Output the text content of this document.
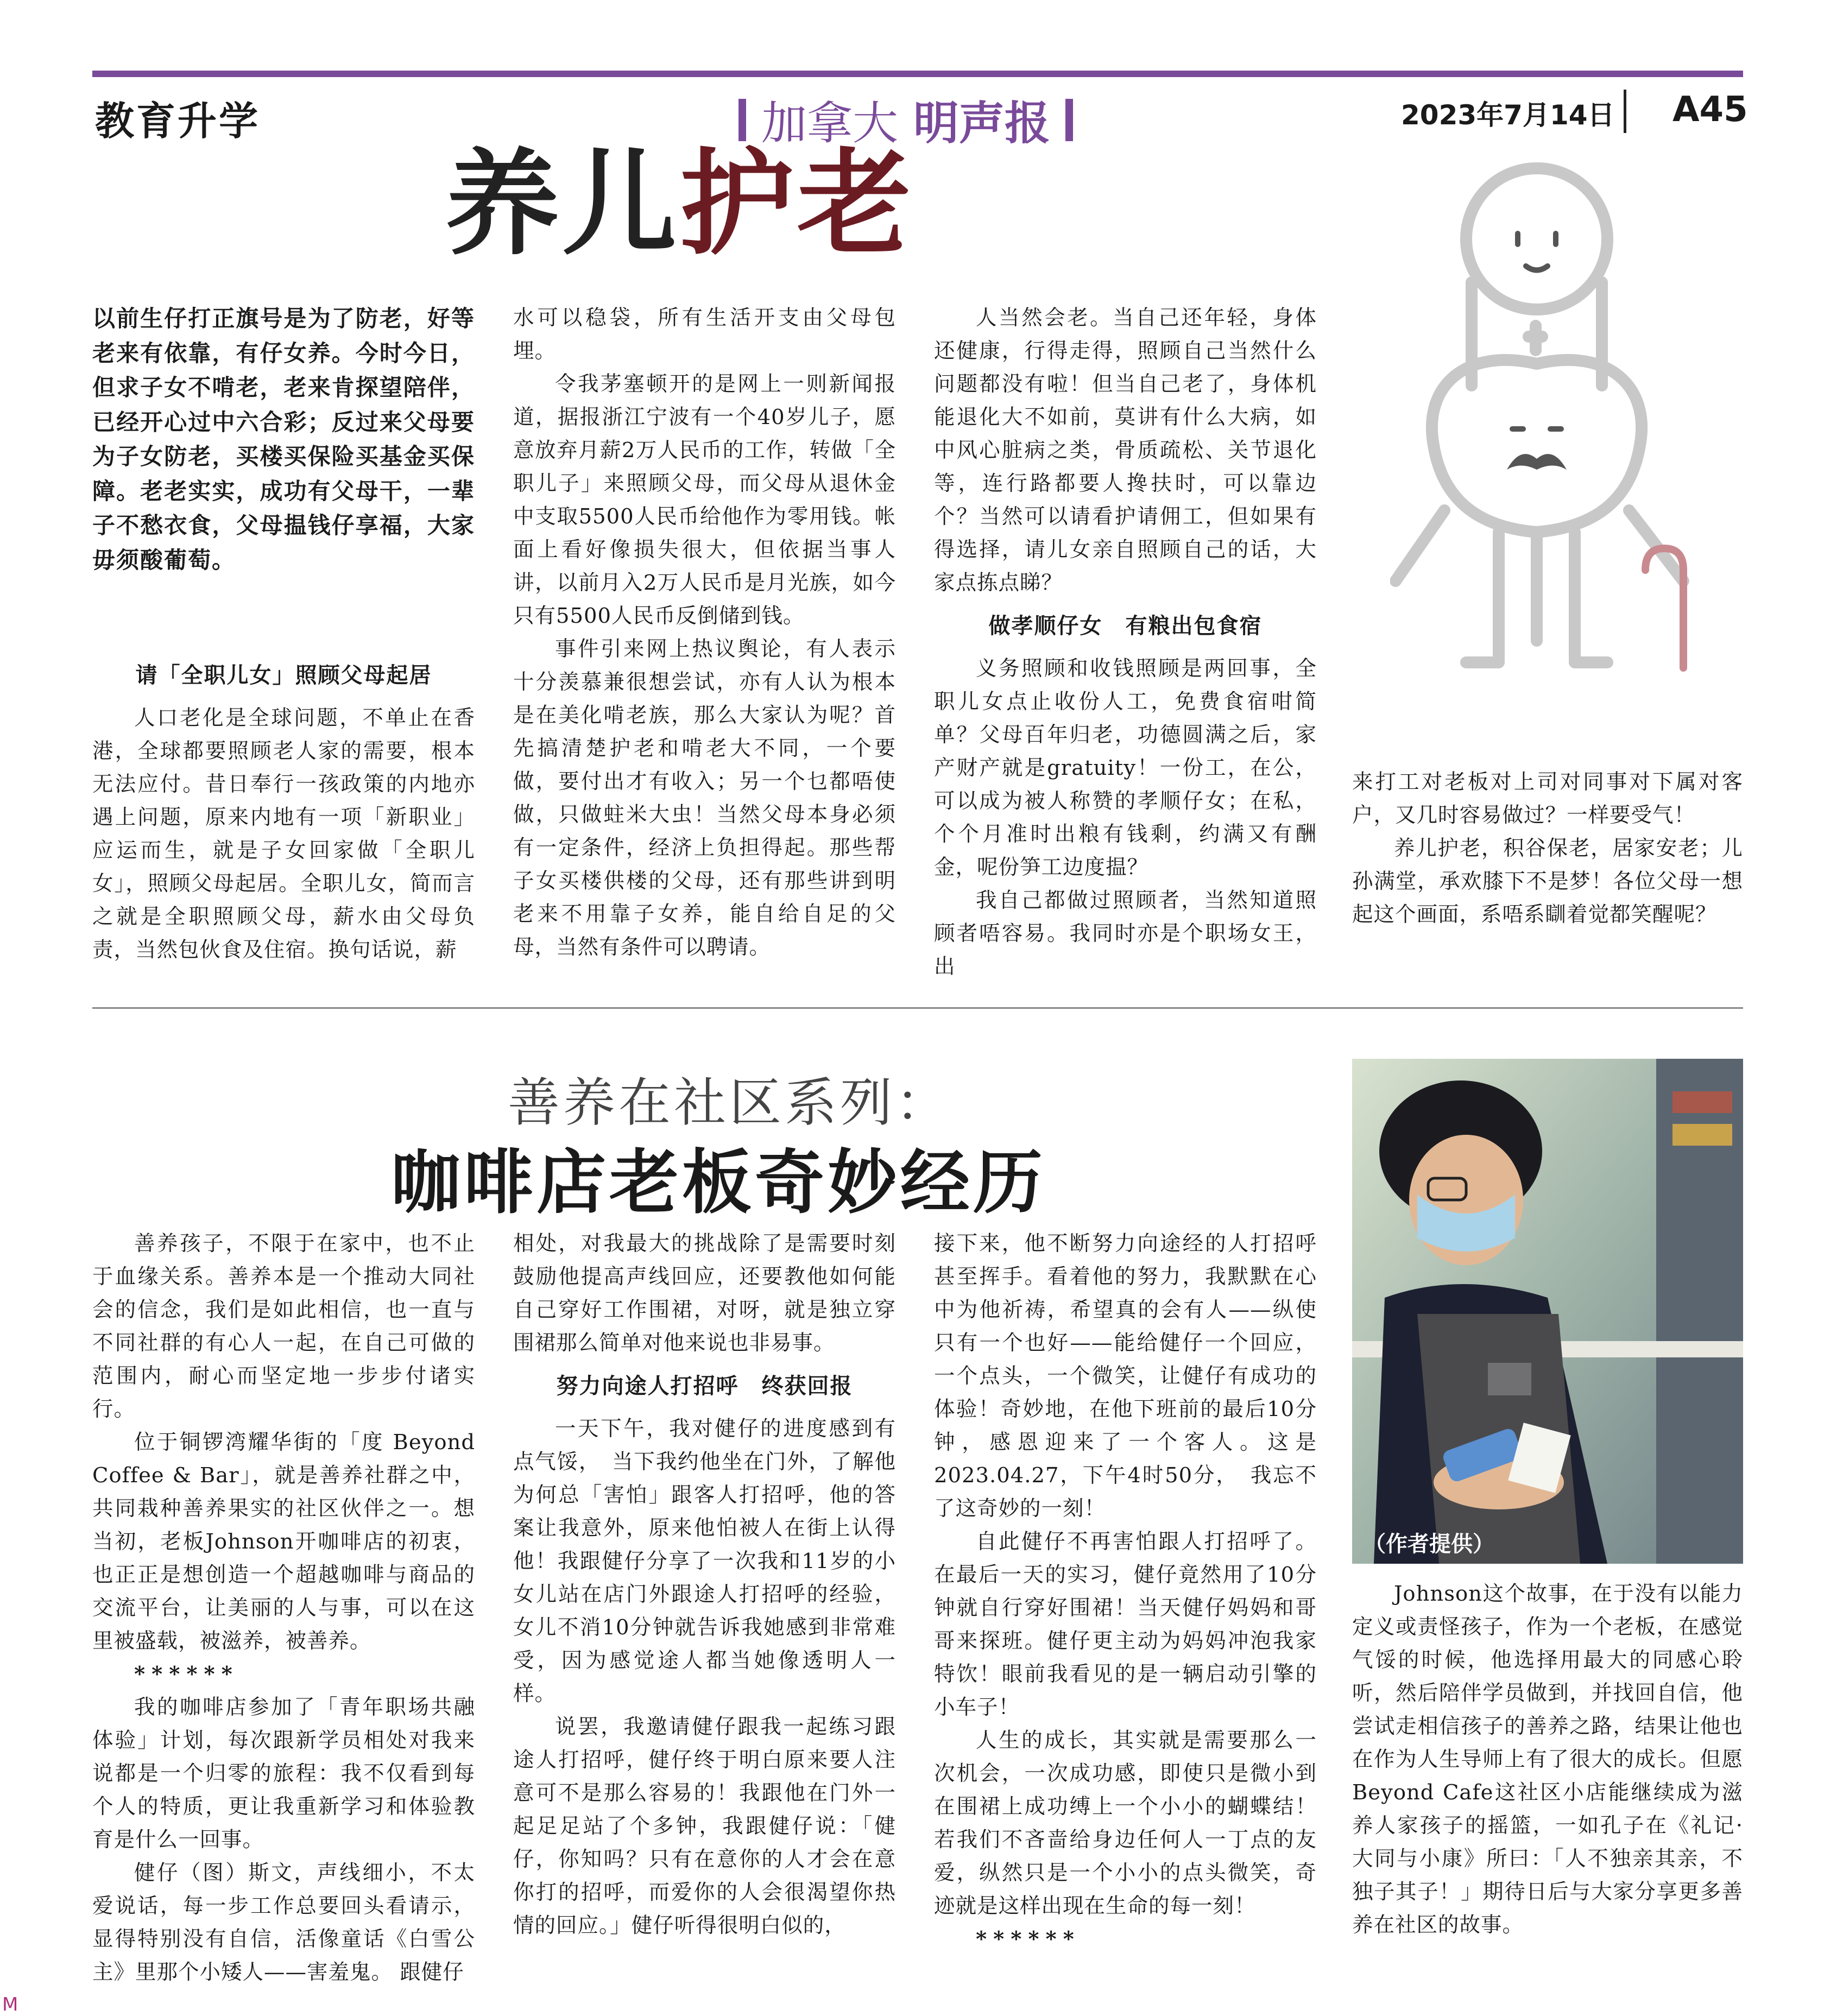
教育升学	加拿大 明声报	2023年7月14日 A45
养儿护老
以前生仔打正旗号是为了防老，好等老来有依靠，有仔女养。今时今日，但求子女不啃老，老来肯探望陪伴，已经开心过中六合彩；反过来父母要为子女防老，买楼买保险买基金买保障。老老实实，成功有父母干，一辈子不愁衣食，父母揾钱仔享福，大家毋须酸葡萄。
请「全职儿女」照顾父母起居

人口老化是全球问题，不单止在香港，全球都要照顾老人家的需要，根本无法应付。昔日奉行一孩政策的内地亦遇上问题，原来内地有一项「新职业」应运而生，就是子女回家做「全职儿女」，照顾父母起居。全职儿女，简而言之就是全职照顾父母，薪水由父母负责，当然包伙食及住宿。换句话说，薪

水可以稳袋，所有生活开支由父母包埋。

令我茅塞顿开的是网上一则新闻报道，据报浙江宁波有一个40岁儿子，愿意放弃月薪2万人民币的工作，转做「全职儿子」来照顾父母，而父母从退休金中支取5500人民币给他作为零用钱。帐面上看好像损失很大，但依据当事人讲，以前月入2万人民币是月光族，如今只有5500人民币反倒储到钱。

事件引来网上热议舆论，有人表示十分羡慕兼很想尝试，亦有人认为根本是在美化啃老族，那么大家认为呢？首先搞清楚护老和啃老大不同，一个要做，要付出才有收入；另一个乜都唔使做，只做蛀米大虫！当然父母本身必须有一定条件，经济上负担得起。那些帮子女买楼供楼的父母，还有那些讲到明老来不用靠子女养，能自给自足的父母，当然有条件可以聘请。

人当然会老。当自己还年轻，身体还健康，行得走得，照顾自己当然什么问题都没有啦！但当自己老了，身体机能退化大不如前，莫讲有什么大病，如中风心脏病之类，骨质疏松、关节退化等，连行路都要人搀扶时，可以靠边个？当然可以请看护请佣工，但如果有得选择，请儿女亲自照顾自己的话，大家点拣点睇？

做孝顺仔女　有粮出包食宿

义务照顾和收钱照顾是两回事，全职儿女点止收份人工，免费食宿咁简单？父母百年归老，功德圆满之后，家产财产就是gratuity！一份工，在公，可以成为被人称赞的孝顺仔女；在私，个个月准时出粮有钱剩，约满又有酬金，呢份笋工边度揾？

我自己都做过照顾者，当然知道照顾者唔容易。我同时亦是个职场女王，出

来打工对老板对上司对同事对下属对客户，又几时容易做过？一样要受气！

养儿护老，积谷保老，居家安老；儿孙满堂，承欢膝下不是梦！各位父母一想起这个画面，系唔系瞓着觉都笑醒呢？

善养在社区系列：
咖啡店老板奇妙经历

善养孩子，不限于在家中，也不止于血缘关系。善养本是一个推动大同社会的信念，我们是如此相信，也一直与不同社群的有心人一起，在自己可做的范围内，耐心而坚定地一步步付诸实行。

位于铜锣湾耀华街的「度 Beyond Coffee & Bar」，就是善养社群之中，共同栽种善养果实的社区伙伴之一。想当初，老板Johnson开咖啡店的初衷，也正正是想创造一个超越咖啡与商品的交流平台，让美丽的人与事，可以在这里被盛载，被滋养，被善养。

******

我的咖啡店参加了「青年职场共融体验」计划，每次跟新学员相处对我来说都是一个归零的旅程：我不仅看到每个人的特质，更让我重新学习和体验教育是什么一回事。

健仔（图）斯文，声线细小，不太爱说话，每一步工作总要回头看请示，显得特别没有自信，活像童话《白雪公主》里那个小矮人——害羞鬼。 跟健仔

相处，对我最大的挑战除了是需要时刻鼓励他提高声线回应，还要教他如何能自己穿好工作围裙，对呀，就是独立穿围裙那么简单对他来说也非易事。

努力向途人打招呼　终获回报

一天下午，我对健仔的进度感到有点气馁，　当下我约他坐在门外，了解他为何总「害怕」跟客人打招呼，他的答案让我意外，原来他怕被人在街上认得他！我跟健仔分享了一次我和11岁的小女儿站在店门外跟途人打招呼的经验，女儿不消10分钟就告诉我她感到非常难受，因为感觉途人都当她像透明人一样。

说罢，我邀请健仔跟我一起练习跟途人打招呼，健仔终于明白原来要人注意可不是那么容易的！我跟他在门外一起足足站了个多钟，我跟健仔说：「健仔，你知吗？只有在意你的人才会在意你打的招呼，而爱你的人会很渴望你热情的回应。」健仔听得很明白似的，

接下来，他不断努力向途经的人打招呼甚至挥手。看着他的努力，我默默在心中为他祈祷，希望真的会有人——纵使只有一个也好——能给健仔一个回应，一个点头，一个微笑，让健仔有成功的体验！奇妙地，在他下班前的最后10分钟，感恩迎来了一个客人。这是2023.04.27，下午4时50分，　我忘不了这奇妙的一刻！

自此健仔不再害怕跟人打招呼了。在最后一天的实习，健仔竟然用了10分钟就自行穿好围裙！当天健仔妈妈和哥哥来探班。健仔更主动为妈妈冲泡我家特饮！眼前我看见的是一辆启动引擎的小车子！

人生的成长，其实就是需要那么一次机会，一次成功感，即使只是微小到在围裙上成功缚上一个小小的蝴蝶结！若我们不吝啬给身边任何人一丁点的友爱，纵然只是一个小小的点头微笑，奇迹就是这样出现在生命的每一刻！

******

（作者提供）

Johnson这个故事，在于没有以能力定义或责怪孩子，作为一个老板，在感觉气馁的时候，他选择用最大的同感心聆听，然后陪伴学员做到，并找回自信，他尝试走相信孩子的善养之路，结果让他也在作为人生导师上有了很大的成长。但愿Beyond Cafe这社区小店能继续成为滋养人家孩子的摇篮，一如孔子在《礼记·大同与小康》所曰：「人不独亲其亲，不独子其子！」期待日后与大家分享更多善养在社区的故事。

M
